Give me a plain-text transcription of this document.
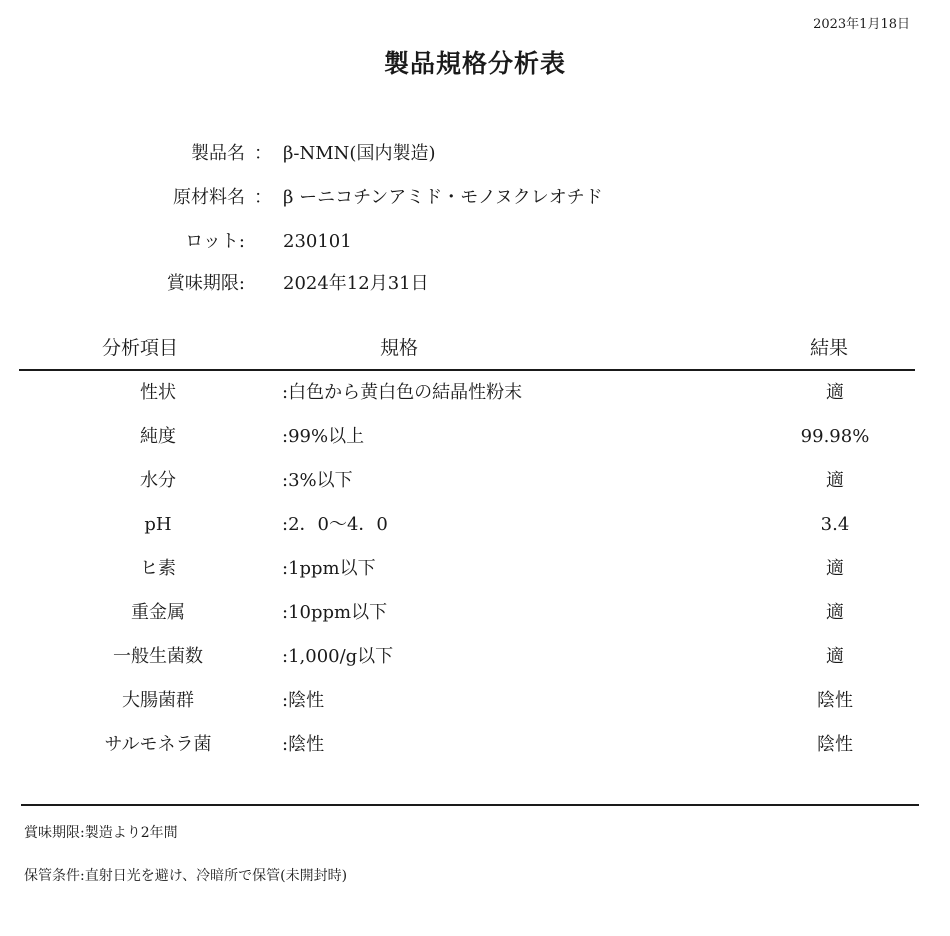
2023年1月18日
製品規格分析表
製品名 ： β-NMN(国内製造)
原材料名 ： β ーニコチンアミド・モノヌクレオチド
ロット: 230101
賞味期限: 2024年12月31日
分析項目	規格	結果
性状	:白色から黄白色の結晶性粉末	適
純度	:99%以上	99.98%
水分	:3%以下	適
pH	:2．0〜4．0	3.4
ヒ素	:1ppm以下	適
重金属	:10ppm以下	適
一般生菌数	:1,000/g以下	適
大腸菌群	:陰性	陰性
サルモネラ菌	:陰性	陰性
賞味期限:製造より2年間
保管条件:直射日光を避け、冷暗所で保管(未開封時)
